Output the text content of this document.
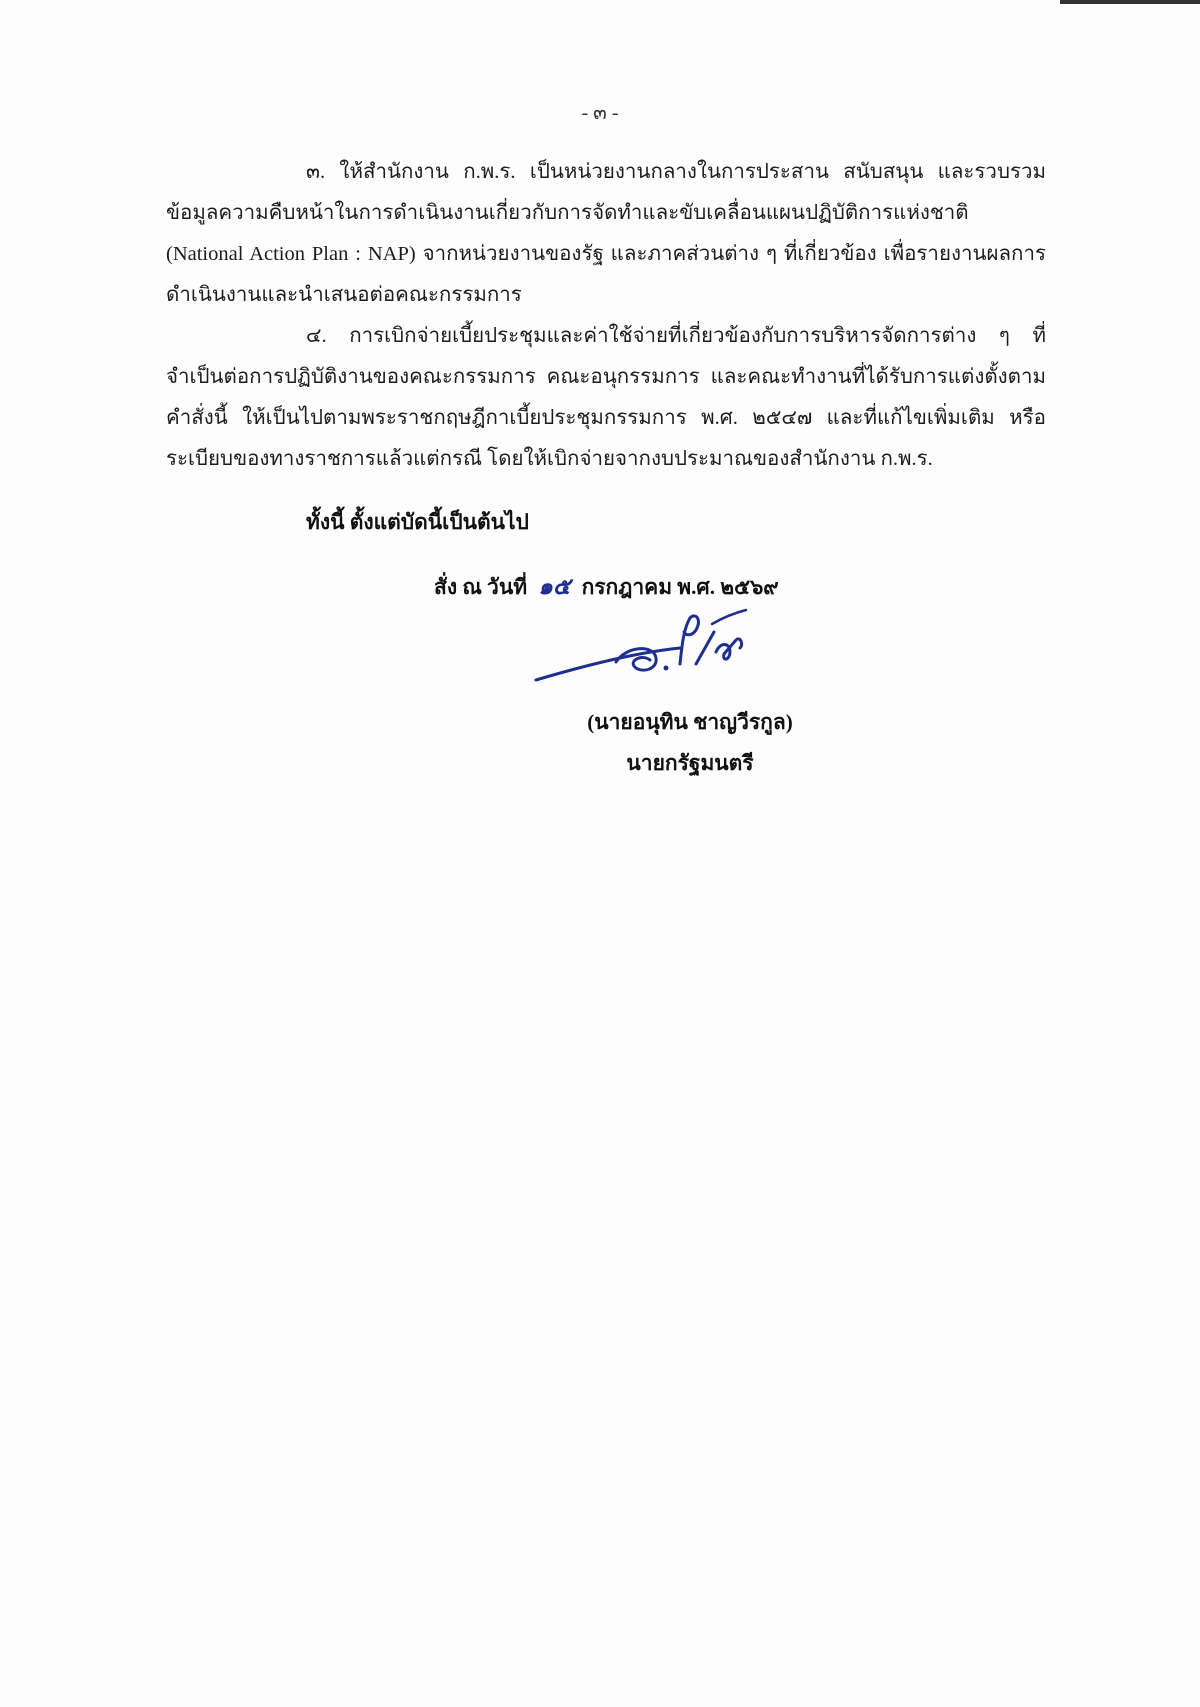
- ๓ -

๓. ให้สำนักงาน ก.พ.ร. เป็นหน่วยงานกลางในการประสาน สนับสนุน และรวบรวมข้อมูลความคืบหน้าในการดำเนินงานเกี่ยวกับการจัดทำและขับเคลื่อนแผนปฏิบัติการแห่งชาติ (National Action Plan : NAP) จากหน่วยงานของรัฐ และภาคส่วนต่าง ๆ ที่เกี่ยวข้อง เพื่อรายงานผลการดำเนินงานและนำเสนอต่อคณะกรรมการ

๔. การเบิกจ่ายเบี้ยประชุมและค่าใช้จ่ายที่เกี่ยวข้องกับการบริหารจัดการต่าง ๆ ที่จำเป็นต่อการปฏิบัติงานของคณะกรรมการ คณะอนุกรรมการ และคณะทำงานที่ได้รับการแต่งตั้งตามคำสั่งนี้ ให้เป็นไปตามพระราชกฤษฎีกาเบี้ยประชุมกรรมการ พ.ศ. ๒๕๔๗ และที่แก้ไขเพิ่มเติม หรือระเบียบของทางราชการแล้วแต่กรณี โดยให้เบิกจ่ายจากงบประมาณของสำนักงาน ก.พ.ร.

ทั้งนี้ ตั้งแต่บัดนี้เป็นต้นไป
สั่ง ณ วันที่ ๑๕ กรกฎาคม พ.ศ. ๒๕๖๙
(นายอนุทิน ชาญวีรกูล)
นายกรัฐมนตรี
